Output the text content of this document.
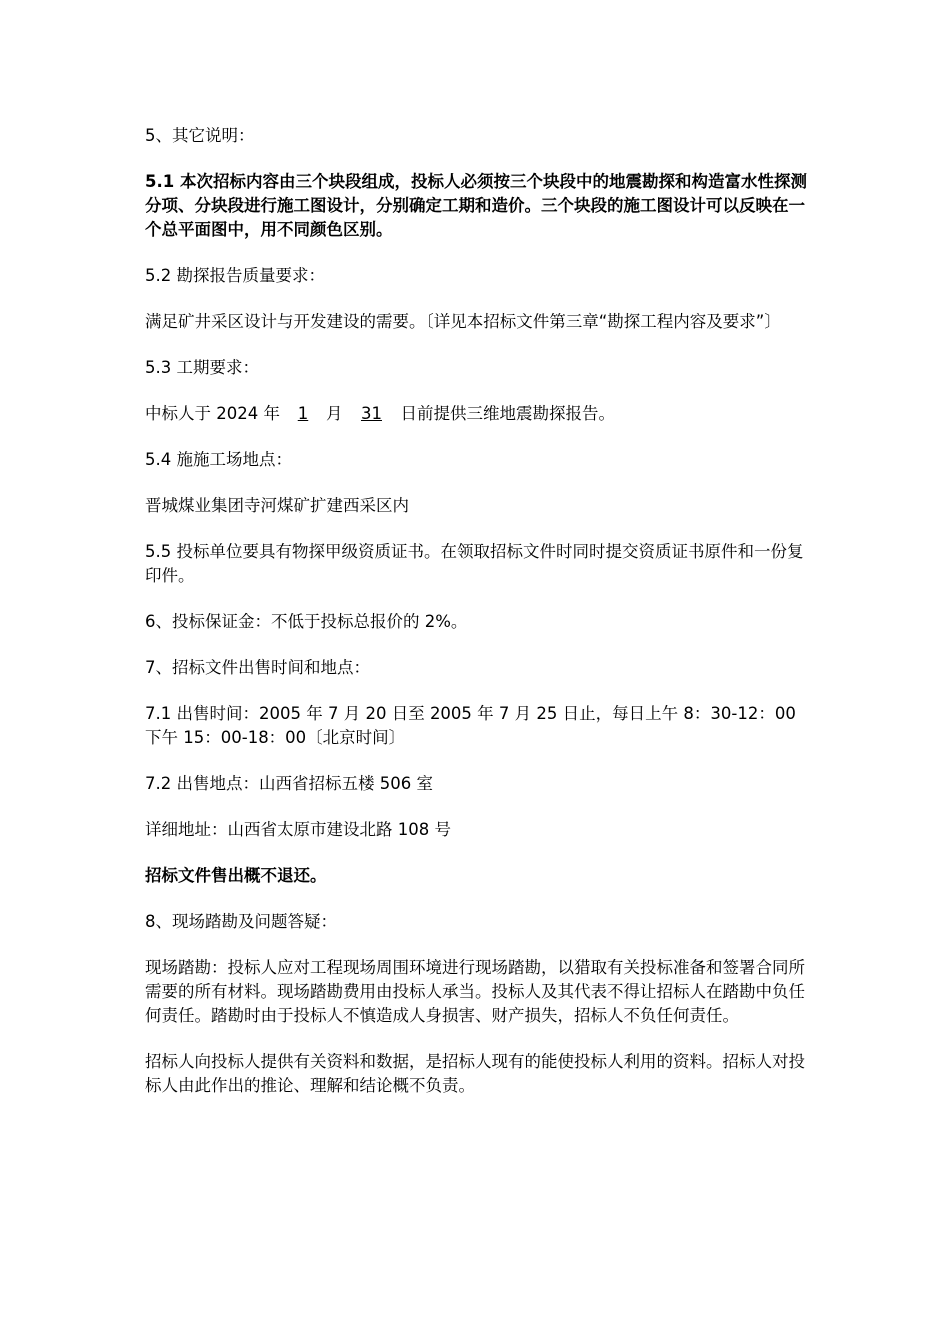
5、其它说明：

5.1 本次招标内容由三个块段组成，投标人必须按三个块段中的地震勘探和构造富水性探测分项、分块段进行施工图设计，分别确定工期和造价。三个块段的施工图设计可以反映在一个总平面图中，用不同颜色区别。

5.2 勘探报告质量要求：

满足矿井采区设计与开发建设的需要。〔详见本招标文件第三章“勘探工程内容及要求”〕

5.3 工期要求：

中标人于 2024 年 1 月 31 日前提供三维地震勘探报告。

5.4 施施工场地点：

晋城煤业集团寺河煤矿扩建西采区内

5.5 投标单位要具有物探甲级资质证书。在领取招标文件时同时提交资质证书原件和一份复印件。

6、投标保证金：不低于投标总报价的 2%。

7、招标文件出售时间和地点：

7.1 出售时间：2005 年 7 月 20 日至 2005 年 7 月 25 日止，每日上午 8：30-12：00 下午 15：00-18：00〔北京时间〕

7.2 出售地点：山西省招标五楼 506 室

详细地址：山西省太原市建设北路 108 号

招标文件售出概不退还。

8、现场踏勘及问题答疑：

现场踏勘：投标人应对工程现场周围环境进行现场踏勘，以猎取有关投标准备和签署合同所需要的所有材料。现场踏勘费用由投标人承当。投标人及其代表不得让招标人在踏勘中负任何责任。踏勘时由于投标人不慎造成人身损害、财产损失，招标人不负任何责任。

招标人向投标人提供有关资料和数据，是招标人现有的能使投标人利用的资料。招标人对投标人由此作出的推论、理解和结论概不负责。
